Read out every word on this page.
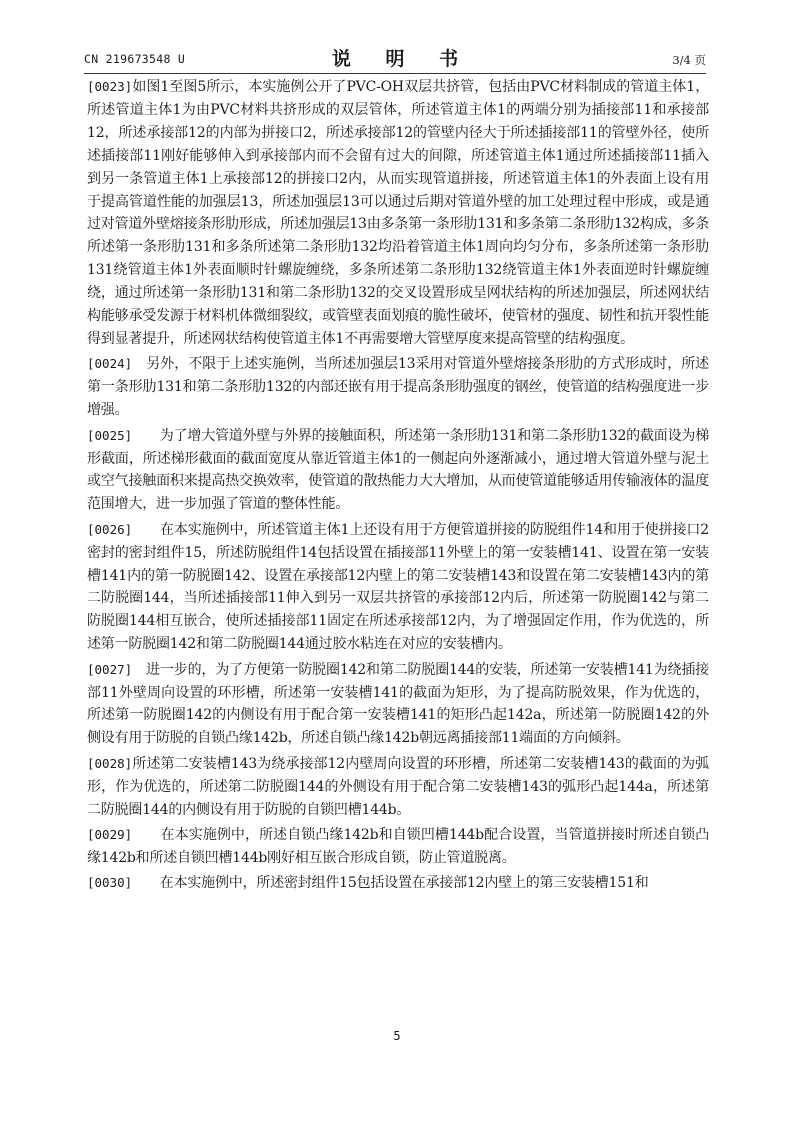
CN 219673548 U	说 明 书	3/4 页

[0023]如图1至图5所示，本实施例公开了PVC-OH双层共挤管，包括由PVC材料制成的管道主体1，所述管道主体1为由PVC材料共挤形成的双层管体，所述管道主体1的两端分别为插接部11和承接部12，所述承接部12的内部为拼接口2，所述承接部12的管壁内径大于所述插接部11的管壁外径，使所述插接部11刚好能够伸入到承接部内而不会留有过大的间隙，所述管道主体1通过所述插接部11插入到另一条管道主体1上承接部12的拼接口2内，从而实现管道拼接，所述管道主体1的外表面上设有用于提高管道性能的加强层13，所述加强层13可以通过后期对管道外壁的加工处理过程中形成，或是通过对管道外壁熔接条形肋形成，所述加强层13由多条第一条形肋131和多条第二条形肋132构成，多条所述第一条形肋131和多条所述第二条形肋132均沿着管道主体1周向均匀分布，多条所述第一条形肋131绕管道主体1外表面顺时针螺旋缠绕，多条所述第二条形肋132绕管道主体1外表面逆时针螺旋缠绕，通过所述第一条形肋131和第二条形肋132的交叉设置形成呈网状结构的所述加强层，所述网状结构能够承受发源于材料机体微细裂纹，或管壁表面划痕的脆性破坏，使管材的强度、韧性和抗开裂性能得到显著提升，所述网状结构使管道主体1不再需要增大管壁厚度来提高管壁的结构强度。

[0024]　 另外，不限于上述实施例，当所述加强层13采用对管道外壁熔接条形肋的方式形成时，所述第一条形肋131和第二条形肋132的内部还嵌有用于提高条形肋强度的钢丝，使管道的结构强度进一步增强。

[0025]　　 为了增大管道外壁与外界的接触面积，所述第一条形肋131和第二条形肋132的截面设为梯形截面，所述梯形截面的截面宽度从靠近管道主体1的一侧起向外逐渐减小，通过增大管道外壁与泥土或空气接触面积来提高热交换效率，使管道的散热能力大大增加，从而使管道能够适用传输液体的温度范围增大，进一步加强了管道的整体性能。

[0026]　　 在本实施例中，所述管道主体1上还设有用于方便管道拼接的防脱组件14和用于使拼接口2密封的密封组件15，所述防脱组件14包括设置在插接部11外壁上的第一安装槽141、设置在第一安装槽141内的第一防脱圈142、设置在承接部12内壁上的第二安装槽143和设置在第二安装槽143内的第二防脱圈144，当所述插接部11伸入到另一双层共挤管的承接部12内后，所述第一防脱圈142与第二防脱圈144相互嵌合，使所述插接部11固定在所述承接部12内，为了增强固定作用，作为优选的，所述第一防脱圈142和第二防脱圈144通过胶水粘连在对应的安装槽内。

[0027]　 进一步的，为了方便第一防脱圈142和第二防脱圈144的安装，所述第一安装槽141为绕插接部11外壁周向设置的环形槽，所述第一安装槽141的截面为矩形，为了提高防脱效果，作为优选的，所述第一防脱圈142的内侧设有用于配合第一安装槽141的矩形凸起142a，所述第一防脱圈142的外侧设有用于防脱的自锁凸缘142b，所述自锁凸缘142b朝远离插接部11端面的方向倾斜。

[0028]所述第二安装槽143为绕承接部12内壁周向设置的环形槽，所述第二安装槽143的截面的为弧形，作为优选的，所述第二防脱圈144的外侧设有用于配合第二安装槽143的弧形凸起144a，所述第二防脱圈144的内侧设有用于防脱的自锁凹槽144b。

[0029]　　 在本实施例中，所述自锁凸缘142b和自锁凹槽144b配合设置，当管道拼接时所述自锁凸缘142b和所述自锁凹槽144b刚好相互嵌合形成自锁，防止管道脱离。

[0030]　　 在本实施例中，所述密封组件15包括设置在承接部12内壁上的第三安装槽151和

5
